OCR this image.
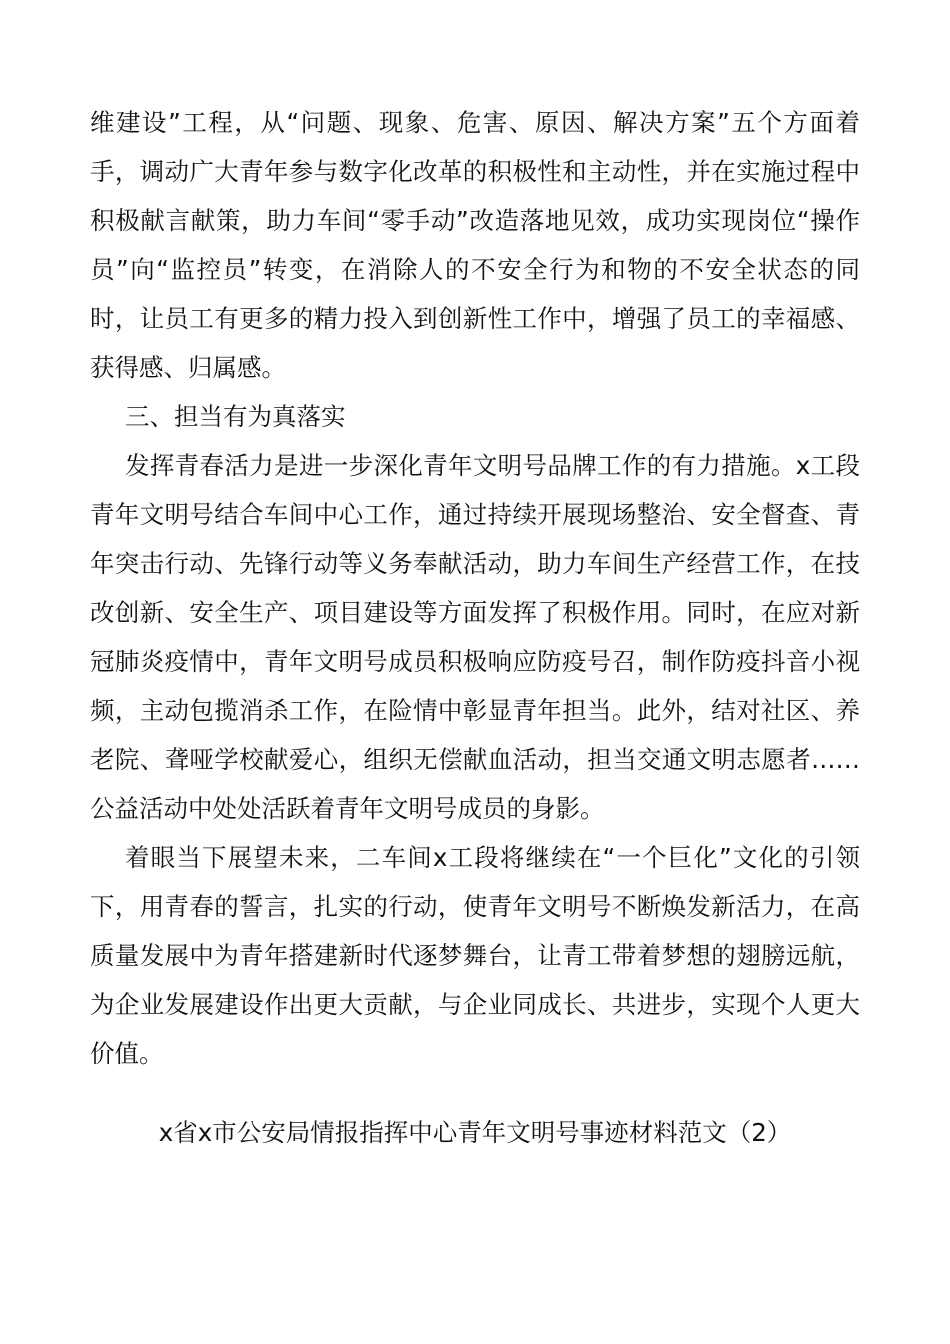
维建设”工程，从“问题、现象、危害、原因、解决方案”五个方面着手，调动广大青年参与数字化改革的积极性和主动性，并在实施过程中积极献言献策，助力车间“零手动”改造落地见效，成功实现岗位“操作员”向“监控员”转变，在消除人的不安全行为和物的不安全状态的同时，让员工有更多的精力投入到创新性工作中，增强了员工的幸福感、获得感、归属感。

三、担当有为真落实

发挥青春活力是进一步深化青年文明号品牌工作的有力措施。x工段青年文明号结合车间中心工作，通过持续开展现场整治、安全督查、青年突击行动、先锋行动等义务奉献活动，助力车间生产经营工作，在技改创新、安全生产、项目建设等方面发挥了积极作用。同时，在应对新冠肺炎疫情中，青年文明号成员积极响应防疫号召，制作防疫抖音小视频，主动包揽消杀工作，在险情中彰显青年担当。此外，结对社区、养老院、聋哑学校献爱心，组织无偿献血活动，担当交通文明志愿者……公益活动中处处活跃着青年文明号成员的身影。

着眼当下展望未来，二车间x工段将继续在“一个巨化”文化的引领下，用青春的誓言，扎实的行动，使青年文明号不断焕发新活力，在高质量发展中为青年搭建新时代逐梦舞台，让青工带着梦想的翅膀远航，为企业发展建设作出更大贡献，与企业同成长、共进步，实现个人更大价值。

x省x市公安局情报指挥中心青年文明号事迹材料范文（2）
